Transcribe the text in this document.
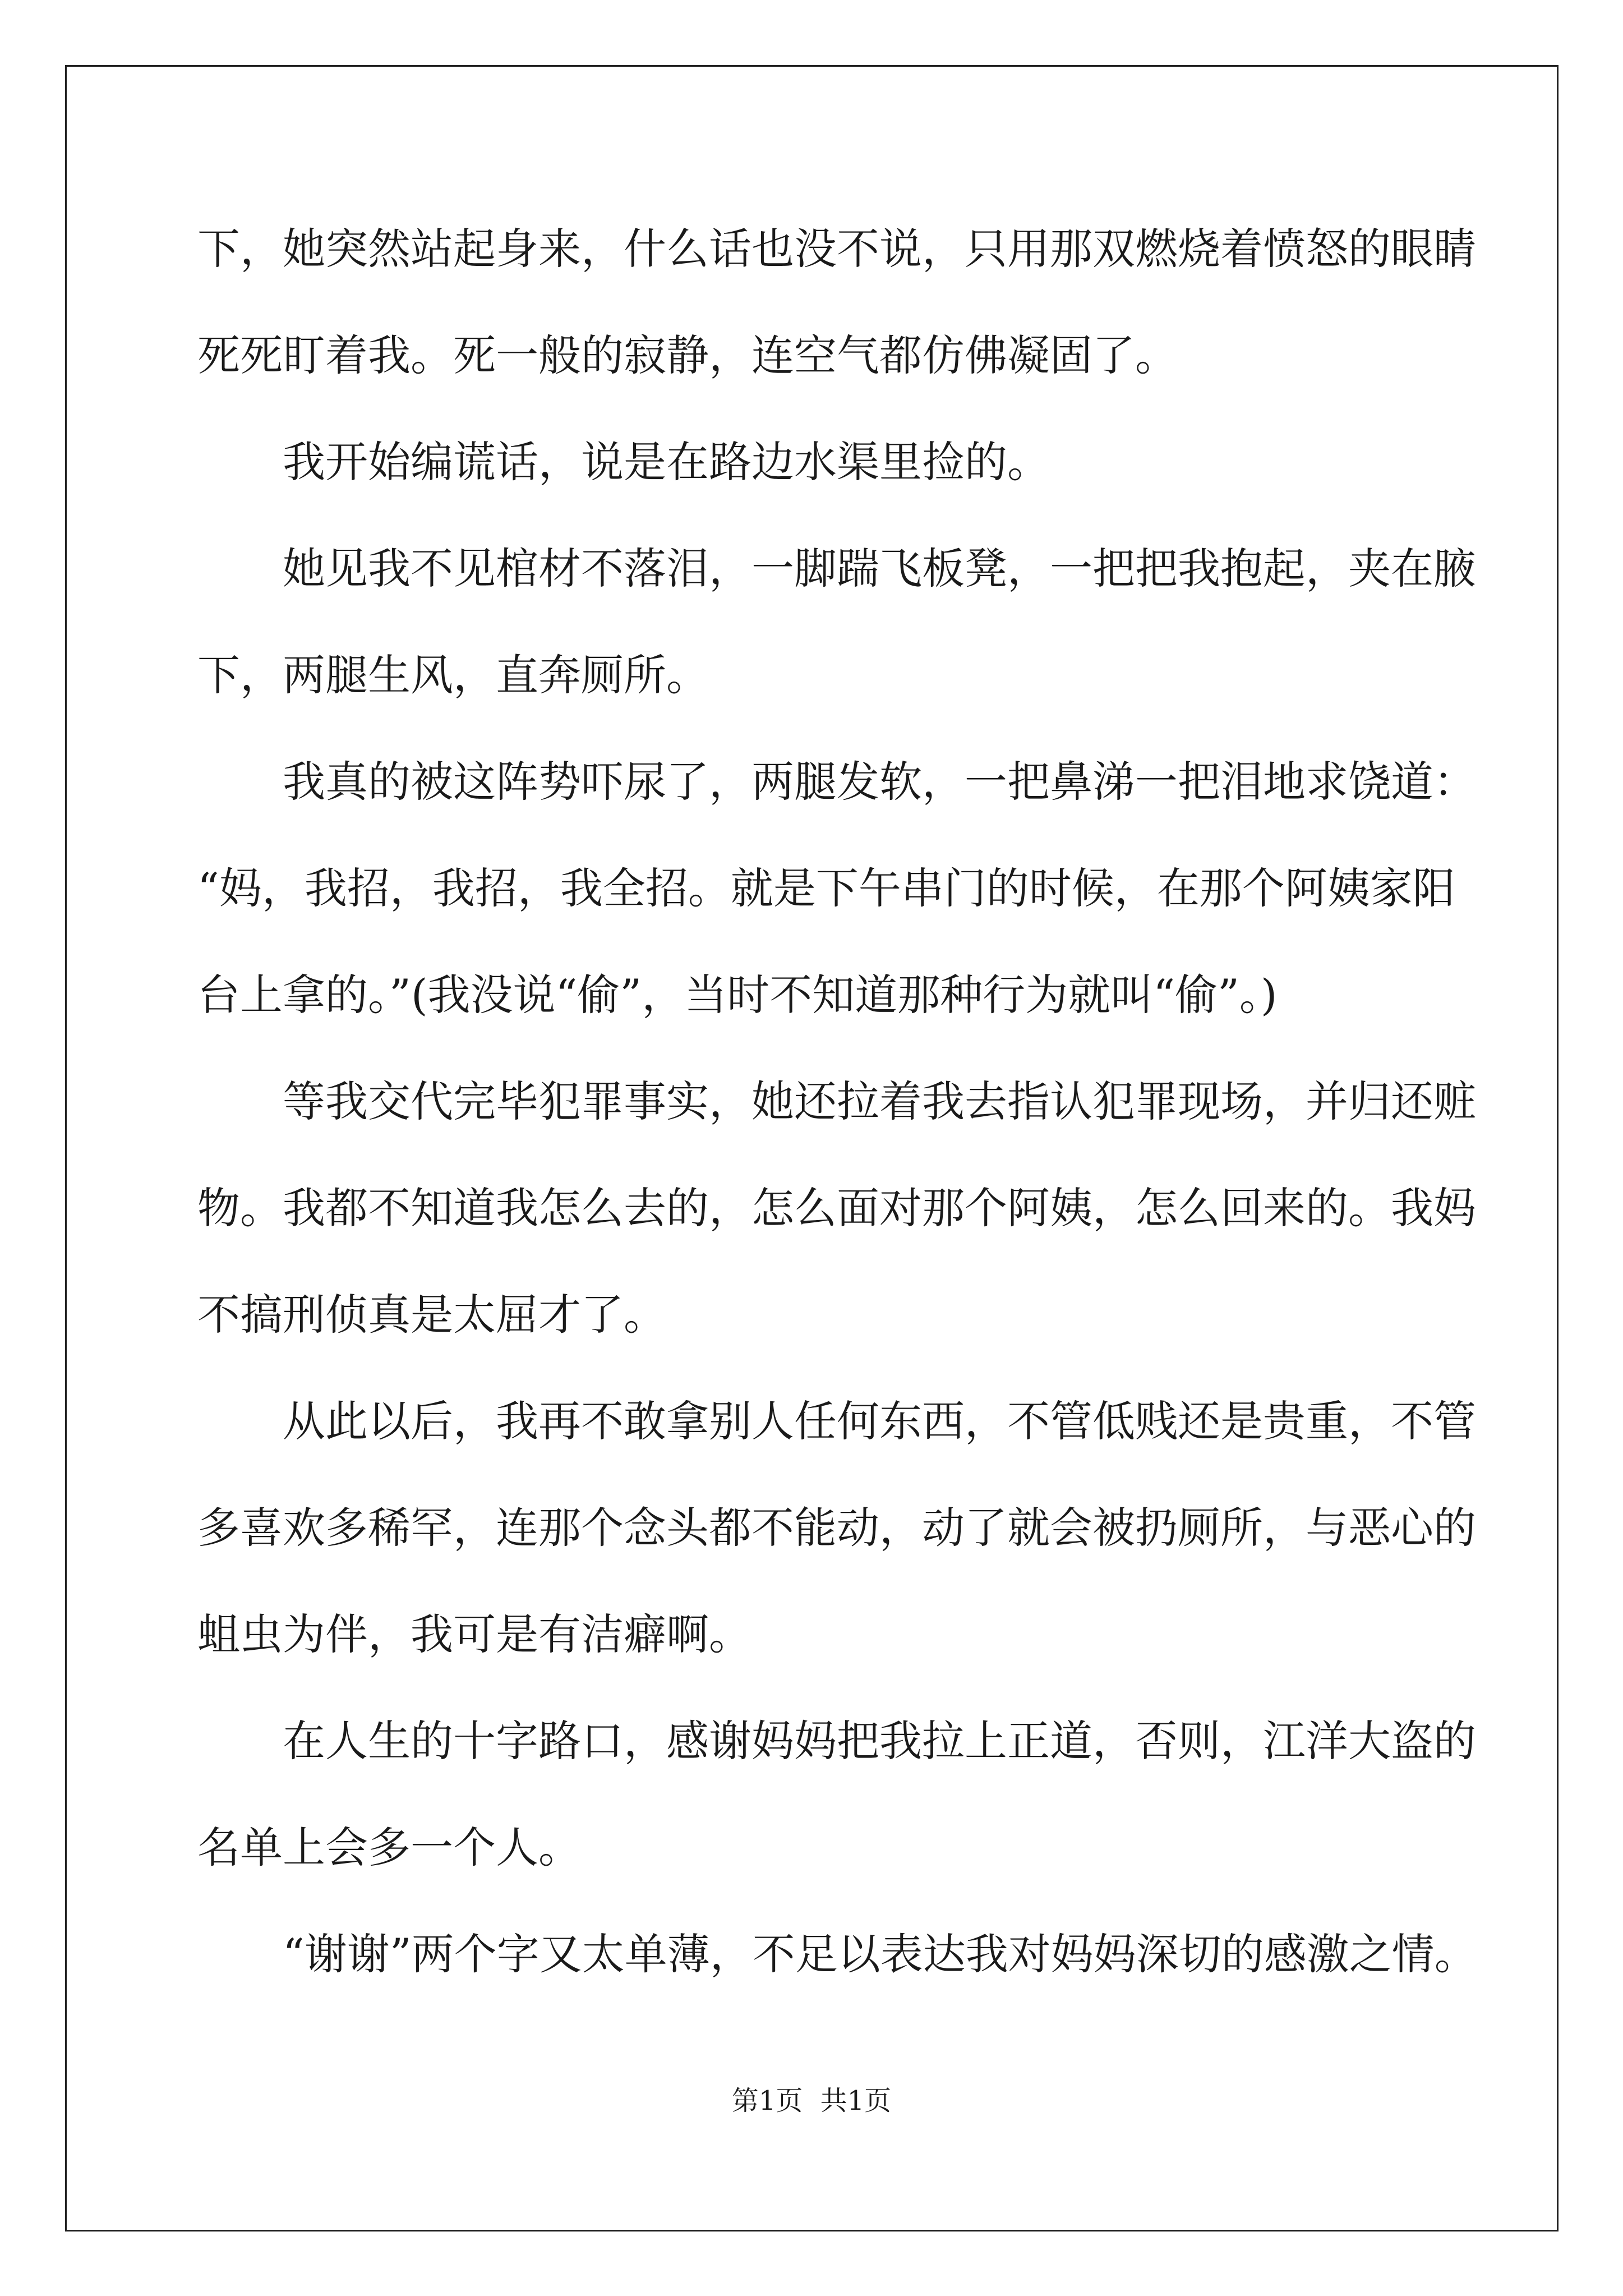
下，她突然站起身来，什么话也没不说，只用那双燃烧着愤怒的眼睛
死死盯着我。死一般的寂静，连空气都仿佛凝固了。
我开始编谎话，说是在路边水渠里捡的。
她见我不见棺材不落泪，一脚踹飞板凳，一把把我抱起，夹在腋
下，两腿生风，直奔厕所。
我真的被这阵势吓尿了，两腿发软，一把鼻涕一把泪地求饶道：
“妈，我招，我招，我全招。就是下午串门的时候，在那个阿姨家阳
台上拿的。”(我没说“偷”，当时不知道那种行为就叫“偷”。)
等我交代完毕犯罪事实，她还拉着我去指认犯罪现场，并归还赃
物。我都不知道我怎么去的，怎么面对那个阿姨，怎么回来的。我妈
不搞刑侦真是太屈才了。
从此以后，我再不敢拿别人任何东西，不管低贱还是贵重，不管
多喜欢多稀罕，连那个念头都不能动，动了就会被扔厕所，与恶心的
蛆虫为伴，我可是有洁癖啊。
在人生的十字路口，感谢妈妈把我拉上正道，否则，江洋大盗的
名单上会多一个人。
“谢谢”两个字又太单薄，不足以表达我对妈妈深切的感激之情。
第1页 共1页
